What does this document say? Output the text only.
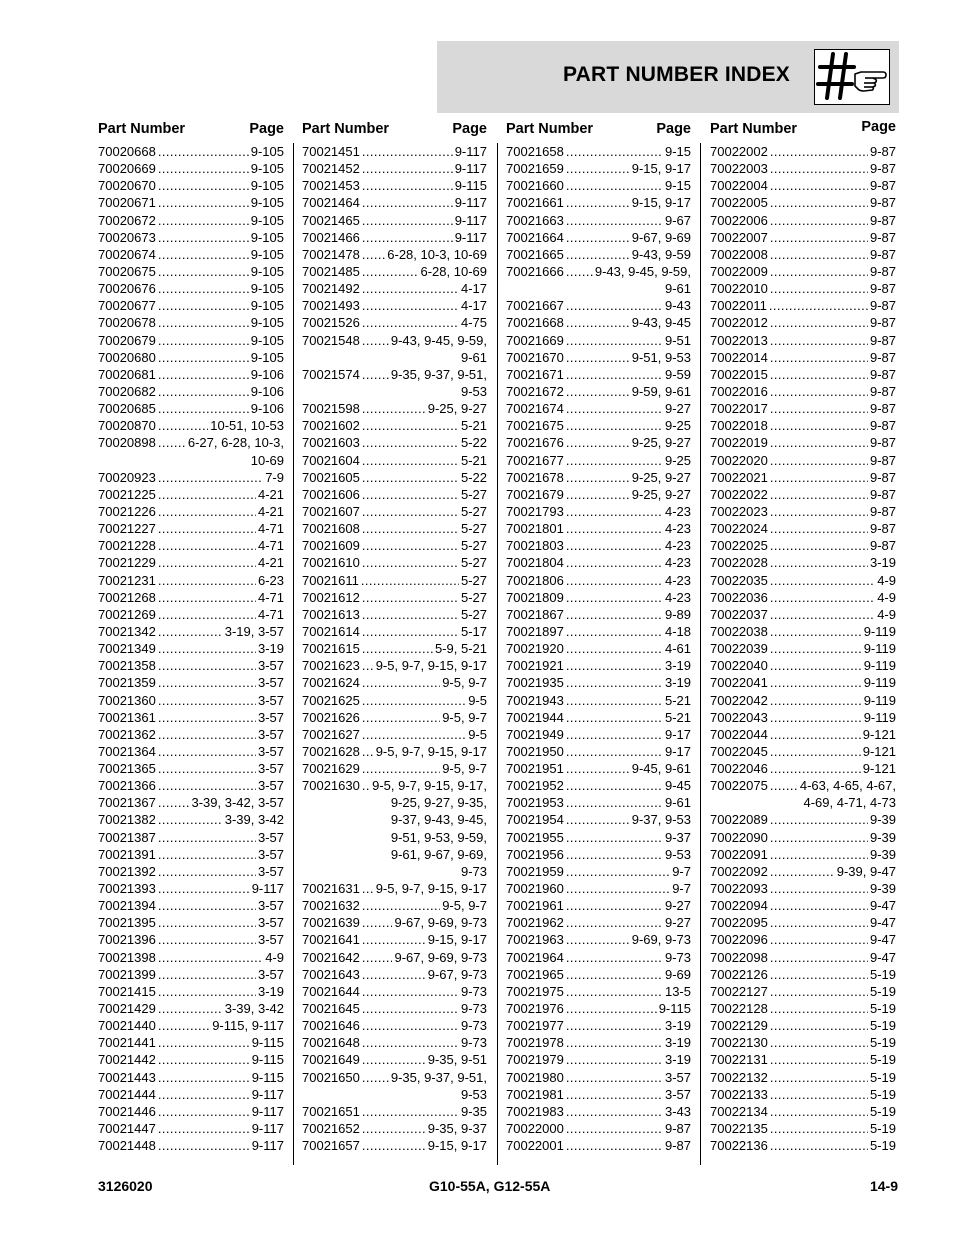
PART NUMBER INDEX
Part Number	Page
70020668 .....	9-105
70020669 .....	9-105
70020670 .....	9-105
70020671 .....	9-105
70020672 .....	9-105
70020673 .....	9-105
70020674 .....	9-105
70020675 .....	9-105
70020676 .....	9-105
70020677 .....	9-105
70020678 .....	9-105
70020679 .....	9-105
70020680 .....	9-105
70020681 .....	9-106
70020682 .....	9-106
70020685 .....	9-106
70020870 .....	10-51, 10-53
70020898 ..... 6-27, 6-28, 10-3,
10-69
70020923 .....	7-9
70021225 .....	4-21
70021226 .....	4-21
70021227 .....	4-71
70021228 .....	4-71
70021229 .....	4-21
70021231 .....	6-23
70021268 .....	4-71
70021269 .....	4-71
70021342 .....	3-19, 3-57
70021349 .....	3-19
70021358 .....	3-57
70021359 .....	3-57
70021360 .....	3-57
70021361 .....	3-57
70021362 .....	3-57
70021364 .....	3-57
70021365 .....	3-57
70021366 .....	3-57
70021367 .....	3-39, 3-42, 3-57
70021382 .....	3-39, 3-42
70021387 .....	3-57
70021391 .....	3-57
70021392 .....	3-57
70021393 .....	9-117
70021394 .....	3-57
70021395 .....	3-57
70021396 .....	3-57
70021398 .....	4-9
70021399 .....	3-57
70021415 .....	3-19
70021429 .....	3-39, 3-42
70021440 .....	9-115, 9-117
70021441 .....	9-115
70021442 .....	9-115
70021443 .....	9-115
70021444 .....	9-117
70021446 .....	9-117
70021447 .....	9-117
70021448 .....	9-117
Part Number	Page
70021451 .....	9-117
70021452 .....	9-117
70021453 .....	9-115
70021464 .....	9-117
70021465 .....	9-117
70021466 .....	9-117
70021478 ..... 6-28, 10-3, 10-69
70021485 .....	6-28, 10-69
70021492 .....	4-17
70021493 .....	4-17
70021526 .....	4-75
70021548 ..... 9-43, 9-45, 9-59,
9-61
70021574 ..... 9-35, 9-37, 9-51,
9-53
70021598 .....	9-25, 9-27
70021602 .....	5-21
70021603 .....	5-22
70021604 .....	5-21
70021605 .....	5-22
70021606 .....	5-27
70021607 .....	5-27
70021608 .....	5-27
70021609 .....	5-27
70021610 .....	5-27
70021611 .....	5-27
70021612 .....	5-27
70021613 .....	5-27
70021614 .....	5-17
70021615 .....	5-9, 5-21
70021623 ..... 9-5, 9-7, 9-15, 9-17
70021624 .....	9-5, 9-7
70021625 .....	9-5
70021626 .....	9-5, 9-7
70021627 .....	9-5
70021628 ..... 9-5, 9-7, 9-15, 9-17
70021629 .....	9-5, 9-7
70021630 ..... 9-5, 9-7, 9-15, 9-17,
9-25, 9-27, 9-35,
9-37, 9-43, 9-45,
9-51, 9-53, 9-59,
9-61, 9-67, 9-69,
9-73
70021631 ..... 9-5, 9-7, 9-15, 9-17
70021632 .....	9-5, 9-7
70021639 .....	9-67, 9-69, 9-73
70021641 .....	9-15, 9-17
70021642 .....	9-67, 9-69, 9-73
70021643 .....	9-67, 9-73
70021644 .....	9-73
70021645 .....	9-73
70021646 .....	9-73
70021648 .....	9-73
70021649 .....	9-35, 9-51
70021650 ..... 9-35, 9-37, 9-51,
9-53
70021651 .....	9-35
70021652 .....	9-35, 9-37
70021657 .....	9-15, 9-17
Part Number	Page
70021658 .....	9-15
70021659 .....	9-15, 9-17
70021660 .....	9-15
70021661 .....	9-15, 9-17
70021663 .....	9-67
70021664 .....	9-67, 9-69
70021665 .....	9-43, 9-59
70021666 ..... 9-43, 9-45, 9-59,
9-61
70021667 .....	9-43
70021668 .....	9-43, 9-45
70021669 .....	9-51
70021670 .....	9-51, 9-53
70021671 .....	9-59
70021672 .....	9-59, 9-61
70021674 .....	9-27
70021675 .....	9-25
70021676 .....	9-25, 9-27
70021677 .....	9-25
70021678 .....	9-25, 9-27
70021679 .....	9-25, 9-27
70021793 .....	4-23
70021801 .....	4-23
70021803 .....	4-23
70021804 .....	4-23
70021806 .....	4-23
70021809 .....	4-23
70021867 .....	9-89
70021897 .....	4-18
70021920 .....	4-61
70021921 .....	3-19
70021935 .....	3-19
70021943 .....	5-21
70021944 .....	5-21
70021949 .....	9-17
70021950 .....	9-17
70021951 .....	9-45, 9-61
70021952 .....	9-45
70021953 .....	9-61
70021954 .....	9-37, 9-53
70021955 .....	9-37
70021956 .....	9-53
70021959 .....	9-7
70021960 .....	9-7
70021961 .....	9-27
70021962 .....	9-27
70021963 .....	9-69, 9-73
70021964 .....	9-73
70021965 .....	9-69
70021975 .....	13-5
70021976 .....	9-115
70021977 .....	3-19
70021978 .....	3-19
70021979 .....	3-19
70021980 .....	3-57
70021981 .....	3-57
70021983 .....	3-43
70022000 .....	9-87
70022001 .....	9-87
Part Number	Page
70022002 .....	9-87
70022003 .....	9-87
70022004 .....	9-87
70022005 .....	9-87
70022006 .....	9-87
70022007 .....	9-87
70022008 .....	9-87
70022009 .....	9-87
70022010 .....	9-87
70022011 .....	9-87
70022012 .....	9-87
70022013 .....	9-87
70022014 .....	9-87
70022015 .....	9-87
70022016 .....	9-87
70022017 .....	9-87
70022018 .....	9-87
70022019 .....	9-87
70022020 .....	9-87
70022021 .....	9-87
70022022 .....	9-87
70022023 .....	9-87
70022024 .....	9-87
70022025 .....	9-87
70022028 .....	3-19
70022035 .....	4-9
70022036 .....	4-9
70022037 .....	4-9
70022038 .....	9-119
70022039 .....	9-119
70022040 .....	9-119
70022041 .....	9-119
70022042 .....	9-119
70022043 .....	9-119
70022044 .....	9-121
70022045 .....	9-121
70022046 .....	9-121
70022075 ..... 4-63, 4-65, 4-67,
4-69, 4-71, 4-73
70022089 .....	9-39
70022090 .....	9-39
70022091 .....	9-39
70022092 .....	9-39, 9-47
70022093 .....	9-39
70022094 .....	9-47
70022095 .....	9-47
70022096 .....	9-47
70022098 .....	9-47
70022126 .....	5-19
70022127 .....	5-19
70022128 .....	5-19
70022129 .....	5-19
70022130 .....	5-19
70022131 .....	5-19
70022132 .....	5-19
70022133 .....	5-19
70022134 .....	5-19
70022135 .....	5-19
70022136 .....	5-19
3126020	G10-55A, G12-55A	14-9
